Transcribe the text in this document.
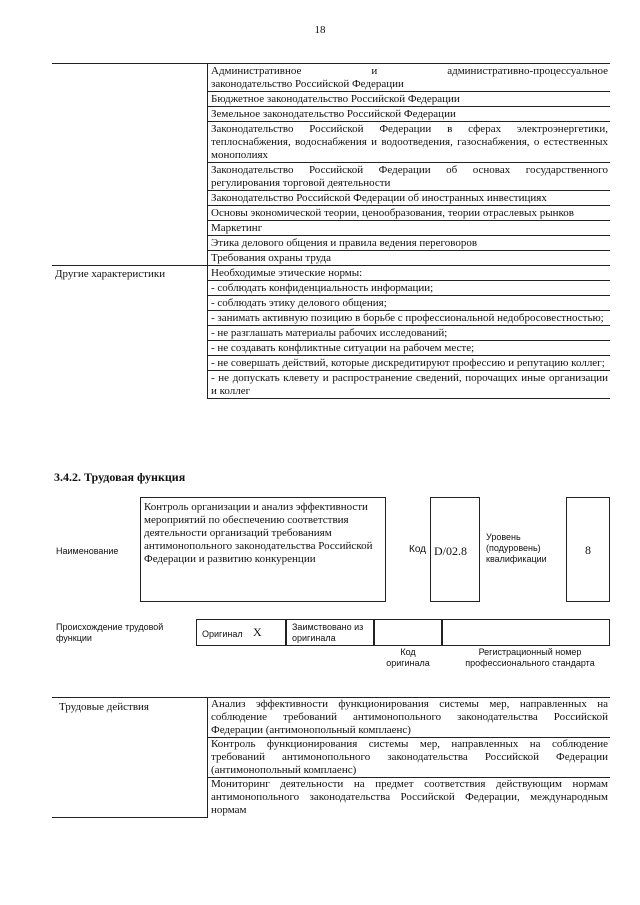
18

	Административное и административно-процессуальное
законодательство Российской Федерации

	Бюджетное законодательство Российской Федерации
	Земельное законодательство Российской Федерации
	Законодательство Российской Федерации в сферах электроэнергетики, теплоснабжения, водоснабжения и водоотведения, газоснабжения, о естественных монополиях
	Законодательство Российской Федерации об основах государственного регулирования торговой деятельности
	Законодательство Российской Федерации об иностранных инвестициях
	Основы экономической теории, ценообразования, теории отраслевых рынков
	Маркетинг
	Этика делового общения и правила ведения переговоров
	Требования охраны труда
Другие характеристики	Необходимые этические нормы:
	- соблюдать конфиденциальность информации;
	- соблюдать этику делового общения;
	- занимать активную позицию в борьбе с профессиональной недобросовестностью;
	- не разглашать материалы рабочих исследований;
	- не создавать конфликтные ситуации на рабочем месте;
	- не совершать действий, которые дискредитируют профессию и репутацию коллег;
	- не допускать клевету и распространение сведений, порочащих иные организации и коллег
3.4.2. Трудовая функция
Наименование
Контроль организации и анализ эффективности мероприятий по обеспечению соответствия деятельности организаций требованиям антимонопольного законодательства Российской Федерации и развитию конкуренции
Код D/02.8
Уровень (подуровень) квалификации
8
Происхождение трудовой функции	Оригинал X	Заимствовано из оригинала
Код оригинала
Регистрационный номер профессионального стандарта
Трудовые действия	Анализ эффективности функционирования системы мер, направленных на соблюдение требований антимонопольного законодательства Российской Федерации (антимонопольный комплаенс)
Контроль функционирования системы мер, направленных на соблюдение требований антимонопольного законодательства Российской Федерации (антимонопольный комплаенс)
Мониторинг деятельности на предмет соответствия действующим нормам антимонопольного законодательства Российской Федерации, международным нормам
